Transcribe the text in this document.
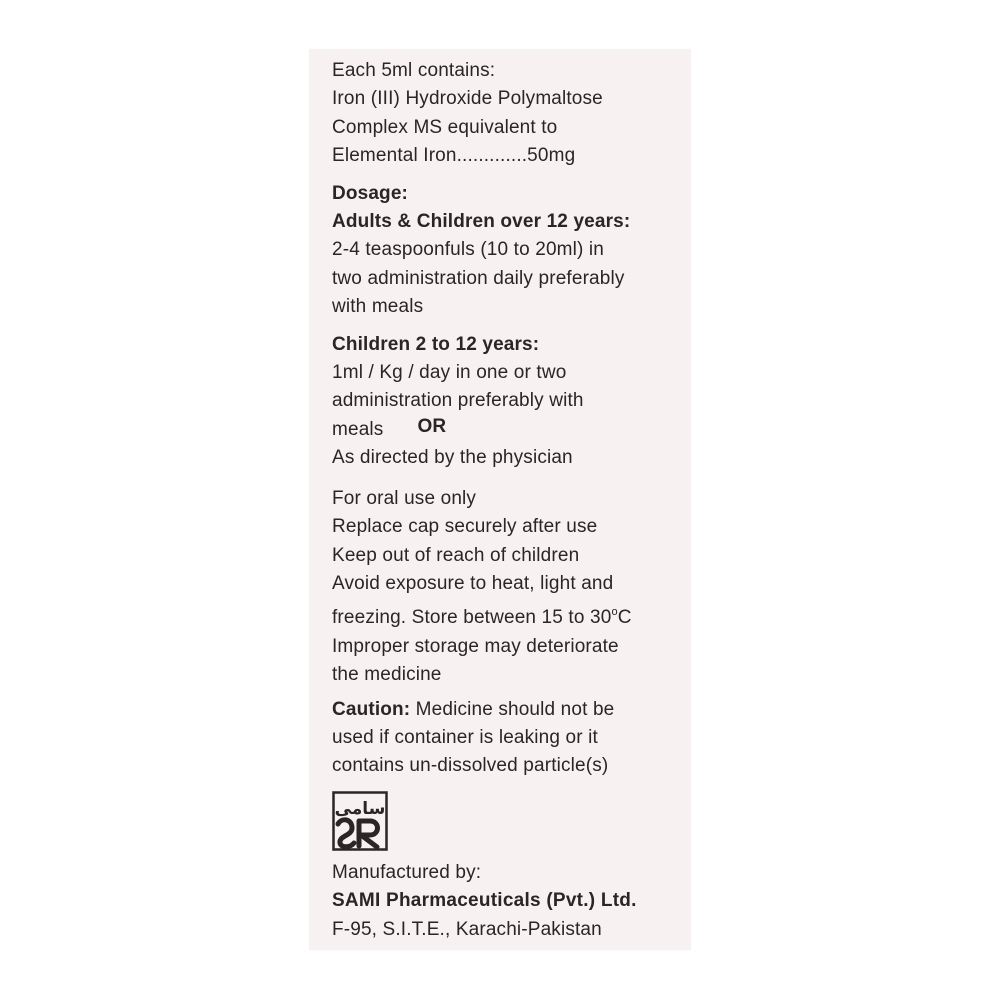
Each 5ml contains:
Iron (III) Hydroxide Polymaltose
Complex MS equivalent to
Elemental Iron.............50mg
Dosage:
Adults & Children over 12 years:
2-4 teaspoonfuls (10 to 20ml) in
two administration daily preferably
with meals
Children 2 to 12 years:
1ml / Kg / day in one or two
administration preferably with
meals OR
As directed by the physician
For oral use only
Replace cap securely after use
Keep out of reach of children
Avoid exposure to heat, light and
freezing. Store between 15 to 30$^o$C
Improper storage may deteriorate
the medicine
Caution: Medicine should not be
used if container is leaking or it
contains un-dissolved particle(s)
سامی
Manufactured by:
SAMI Pharmaceuticals (Pvt.) Ltd.
F-95, S.I.T.E., Karachi-Pakistan
